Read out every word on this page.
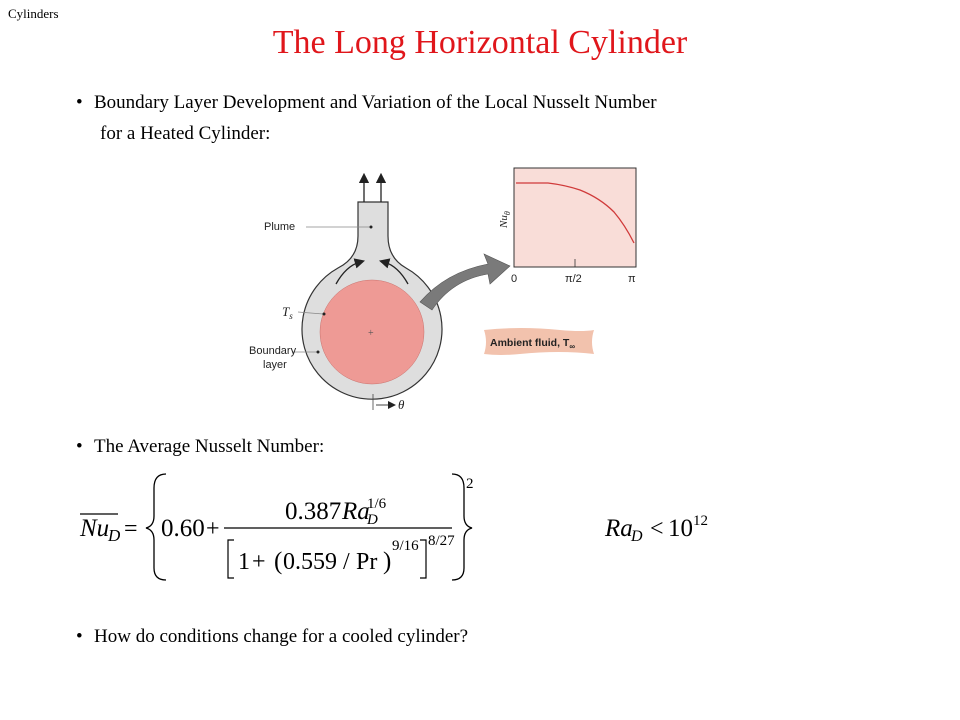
Cylinders
The Long Horizontal Cylinder
• Boundary Layer Development and Variation of the Local Nusselt Number
for a Heated Cylinder:
• The Average Nusselt Number:
• How do conditions change for a cooled cylinder?
+
Plume
$T_s$
Boundary
layer
θ
Ambient fluid, $T_\infty$
$Nu_\theta$
0	π/2	π
Nu
D = 0.60 +
0.387 Ra
D
1/6
1 + ( 0.559 / Pr )
9/16 8/27
2
Ra
D < 10 12
